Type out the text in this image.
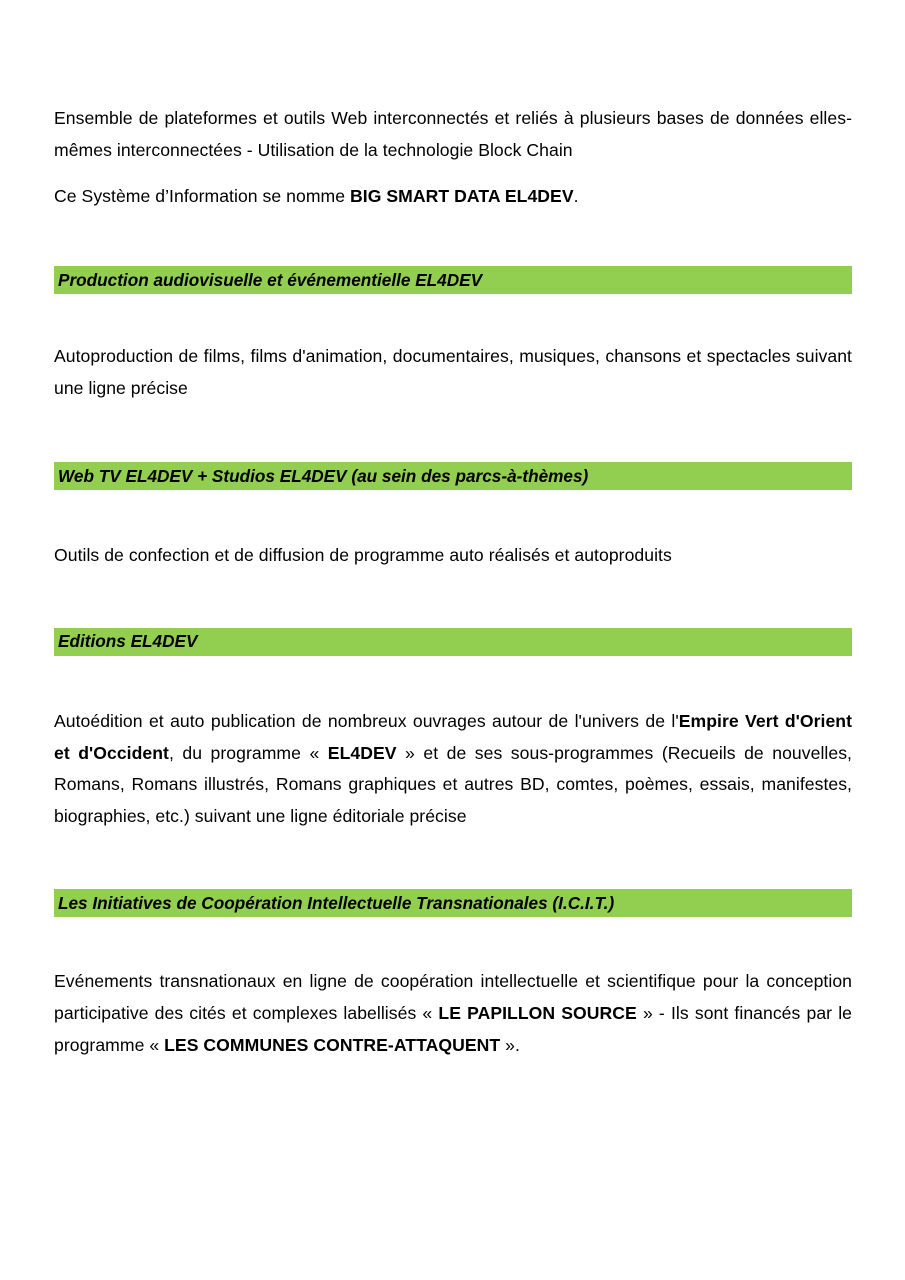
Ensemble de plateformes et outils Web interconnectés et reliés à plusieurs bases de données elles-mêmes interconnectées - Utilisation de la technologie Block Chain

Ce Système d’Information se nomme BIG SMART DATA EL4DEV.

Production audiovisuelle et événementielle EL4DEV

Autoproduction de films, films d'animation, documentaires, musiques, chansons et spectacles suivant une ligne précise

Web TV EL4DEV + Studios EL4DEV (au sein des parcs-à-thèmes)

Outils de confection et de diffusion de programme auto réalisés et autoproduits

Editions EL4DEV

Autoédition et auto publication de nombreux ouvrages autour de l'univers de l'Empire Vert d'Orient et d'Occident, du programme « EL4DEV » et de ses sous-programmes (Recueils de nouvelles, Romans, Romans illustrés, Romans graphiques et autres BD, comtes, poèmes, essais, manifestes, biographies, etc.) suivant une ligne éditoriale précise

Les Initiatives de Coopération Intellectuelle Transnationales (I.C.I.T.)

Evénements transnationaux en ligne de coopération intellectuelle et scientifique pour la conception participative des cités et complexes labellisés « LE PAPILLON SOURCE » - Ils sont financés par le programme « LES COMMUNES CONTRE-ATTAQUENT ».
